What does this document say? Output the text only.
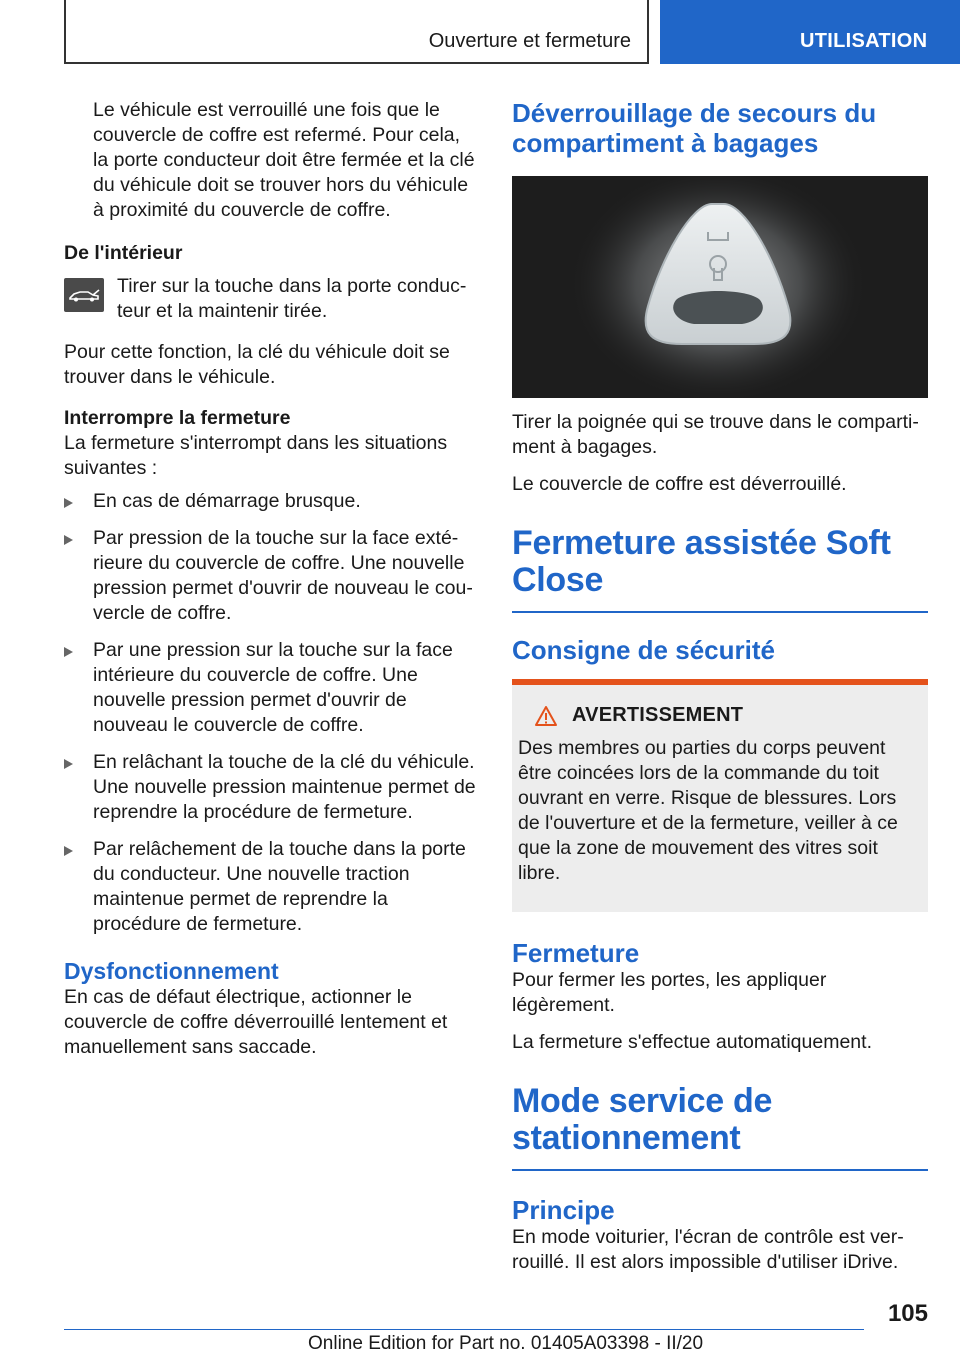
Ouverture et fermeture	UTILISATION

Le véhicule est verrouillé une fois que le couvercle de coffre est refermé. Pour cela, la porte conducteur doit être fermée et la clé du véhicule doit se trouver hors du véhicule à proximité du couvercle de coffre.

De l'intérieur

Tirer sur la touche dans la porte conducteur et la maintenir tirée.

Pour cette fonction, la clé du véhicule doit se trouver dans le véhicule.

Interrompre la fermeture

La fermeture s'interrompt dans les situations suivantes :

En cas de démarrage brusque.
Par pression de la touche sur la face extérieure du couvercle de coffre. Une nouvelle pression permet d'ouvrir de nouveau le couvercle de coffre.
Par une pression sur la touche sur la face intérieure du couvercle de coffre. Une nouvelle pression permet d'ouvrir de nouveau le couvercle de coffre.
En relâchant la touche de la clé du véhicule. Une nouvelle pression maintenue permet de reprendre la procédure de fermeture.
Par relâchement de la touche dans la porte du conducteur. Une nouvelle traction maintenue permet de reprendre la procédure de fermeture.

Dysfonctionnement

En cas de défaut électrique, actionner le couvercle de coffre déverrouillé lentement et manuellement sans saccade.

Déverrouillage de secours du compartiment à bagages

Tirer la poignée qui se trouve dans le compartiment à bagages.

Le couvercle de coffre est déverrouillé.

Fermeture assistée Soft Close

Consigne de sécurité

AVERTISSEMENT

Des membres ou parties du corps peuvent être coincées lors de la commande du toit ouvrant en verre. Risque de blessures. Lors de l'ouverture et de la fermeture, veiller à ce que la zone de mouvement des vitres soit libre.

Fermeture

Pour fermer les portes, les appliquer légèrement.

La fermeture s'effectue automatiquement.

Mode service de stationnement

Principe

En mode voiturier, l'écran de contrôle est verrouillé. Il est alors impossible d'utiliser iDrive.

105
Online Edition for Part no. 01405A03398 - II/20
